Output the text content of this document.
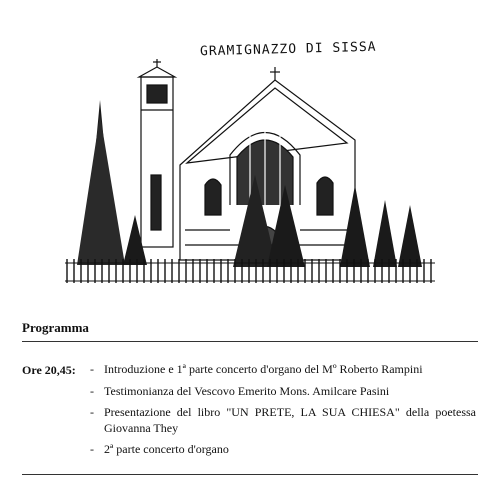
GRAMIGNAZZO DI SISSA
Programma
Ore 20,45: - Introduzione e 1ª parte concerto d'organo del Mº Roberto Rampini
- Testimonianza del Vescovo Emerito Mons. Amilcare Pasini
- Presentazione del libro "UN PRETE, LA SUA CHIESA" della poetessa Giovanna They
- 2ª parte concerto d'organo
